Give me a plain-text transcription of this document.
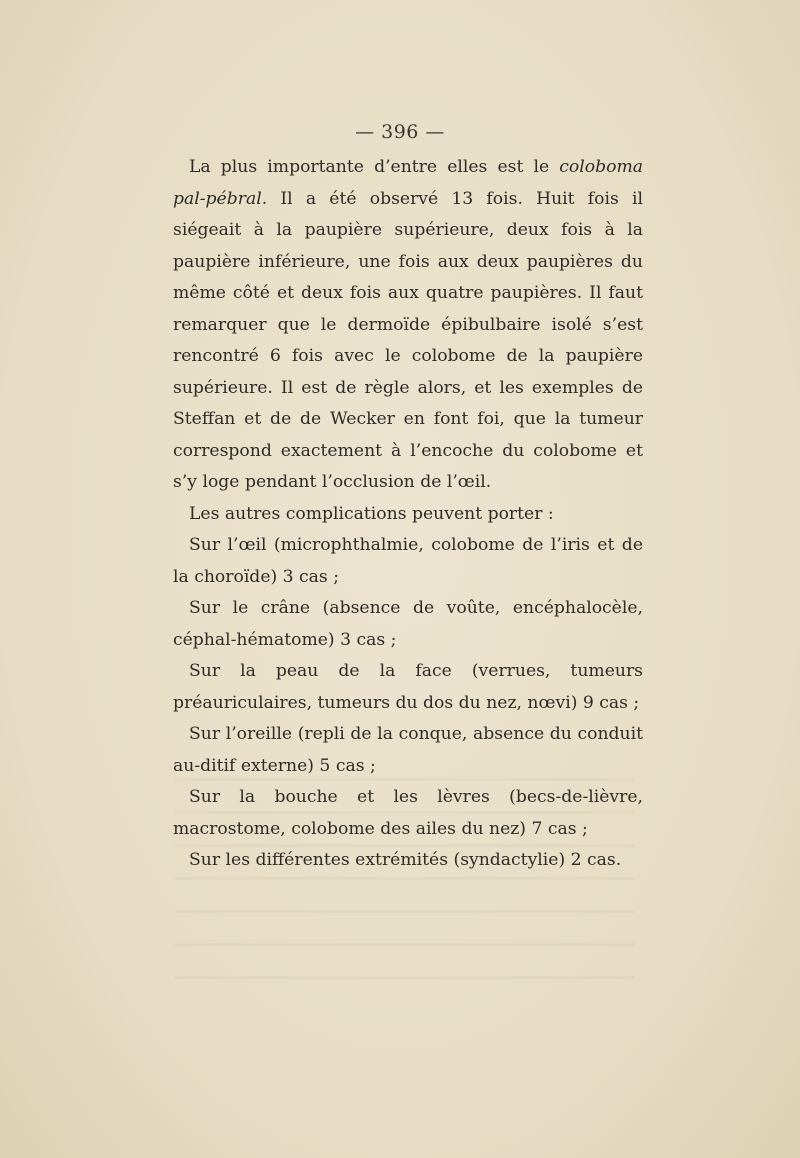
— 396 —

La plus importante d’entre elles est le coloboma pal-pébral. Il a été observé 13 fois. Huit fois il siégeait à la paupière supérieure, deux fois à la paupière inférieure, une fois aux deux paupières du même côté et deux fois aux quatre paupières. Il faut remarquer que le dermoïde épibulbaire isolé s’est rencontré 6 fois avec le colobome de la paupière supérieure. Il est de règle alors, et les exemples de Steffan et de de Wecker en font foi, que la tumeur correspond exactement à l’encoche du colobome et s’y loge pendant l’occlusion de l’œil.

Les autres complications peuvent porter :

Sur l’œil (microphthalmie, colobome de l’iris et de la choroïde) 3 cas ;

Sur le crâne (absence de voûte, encéphalocèle, céphal-hématome) 3 cas ;

Sur la peau de la face (verrues, tumeurs préauriculaires, tumeurs du dos du nez, nœvi) 9 cas ;

Sur l’oreille (repli de la conque, absence du conduit au-ditif externe) 5 cas ;

Sur la bouche et les lèvres (becs-de-lièvre, macrostome, colobome des ailes du nez) 7 cas ;

Sur les différentes extrémités (syndactylie) 2 cas.
